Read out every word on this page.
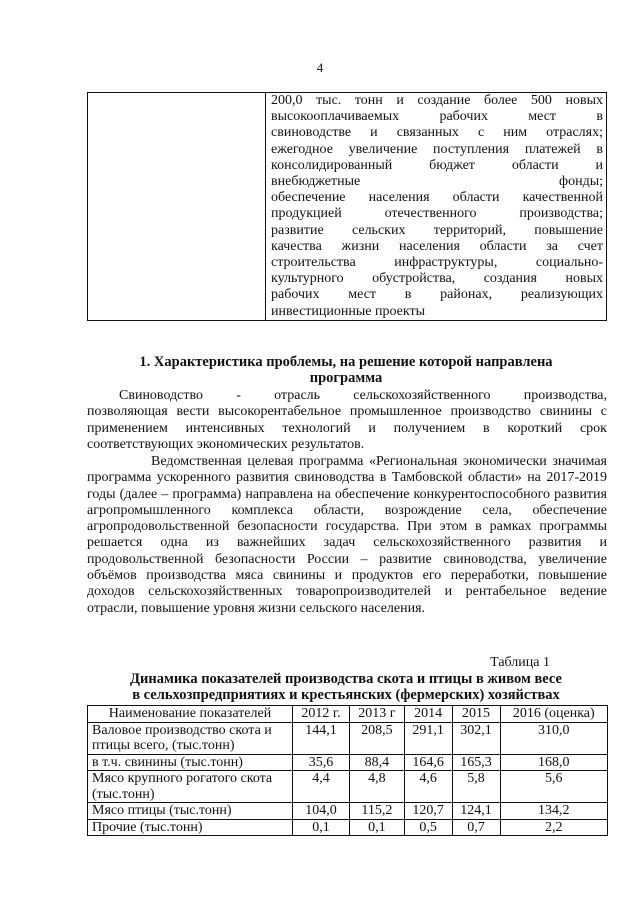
4

200,0 тыс. тонн и создание более 500 новых
высокооплачиваемых рабочих мест в
свиноводстве и связанных с ним отраслях;
ежегодное увеличение поступления платежей в
консолидированный бюджет области и
внебюджетные фонды;
обеспечение населения области качественной
продукцией отечественного производства;
развитие сельских территорий, повышение
качества жизни населения области за счет
строительства инфраструктуры, социально-
культурного обустройства, создания новых
рабочих мест в районах, реализующих
инвестиционные проекты
1. Характеристика проблемы, на решение которой направлена
программа

Свиноводство - отрасль сельскохозяйственного производства,

позволяющая вести высокорентабельное промышленное производство свинины с применением интенсивных технологий и получением в короткий срок соответствующих экономических результатов.

Ведомственная целевая программа «Региональная экономически значимая программа ускоренного развития свиноводства в Тамбовской области» на 2017-2019 годы (далее – программа) направлена на обеспечение конкурентоспособного развития агропромышленного комплекса области, возрождение села, обеспечение агропродовольственной безопасности государства. При этом в рамках программы решается одна из важнейших задач сельскохозяйственного развития и продовольственной безопасности России – развитие свиноводства, увеличение объёмов производства мяса свинины и продуктов его переработки, повышение доходов сельскохозяйственных товаропроизводителей и рентабельное ведение отрасли, повышение уровня жизни сельского населения.

Таблица 1
Динамика показателей производства скота и птицы в живом весе
в сельхозпредприятиях и крестьянских (фермерских) хозяйствах
Наименование показателей	2012 г.	2013 г	2014	2015	2016 (оценка)
Валовое производство скота и птицы всего, (тыс.тонн)	144,1	208,5	291,1	302,1	310,0
в т.ч. свинины (тыс.тонн)	35,6	88,4	164,6	165,3	168,0
Мясо крупного рогатого скота (тыс.тонн)	4,4	4,8	4,6	5,8	5,6
Мясо птицы (тыс.тонн)	104,0	115,2	120,7	124,1	134,2
Прочие (тыс.тонн)	0,1	0,1	0,5	0,7	2,2
